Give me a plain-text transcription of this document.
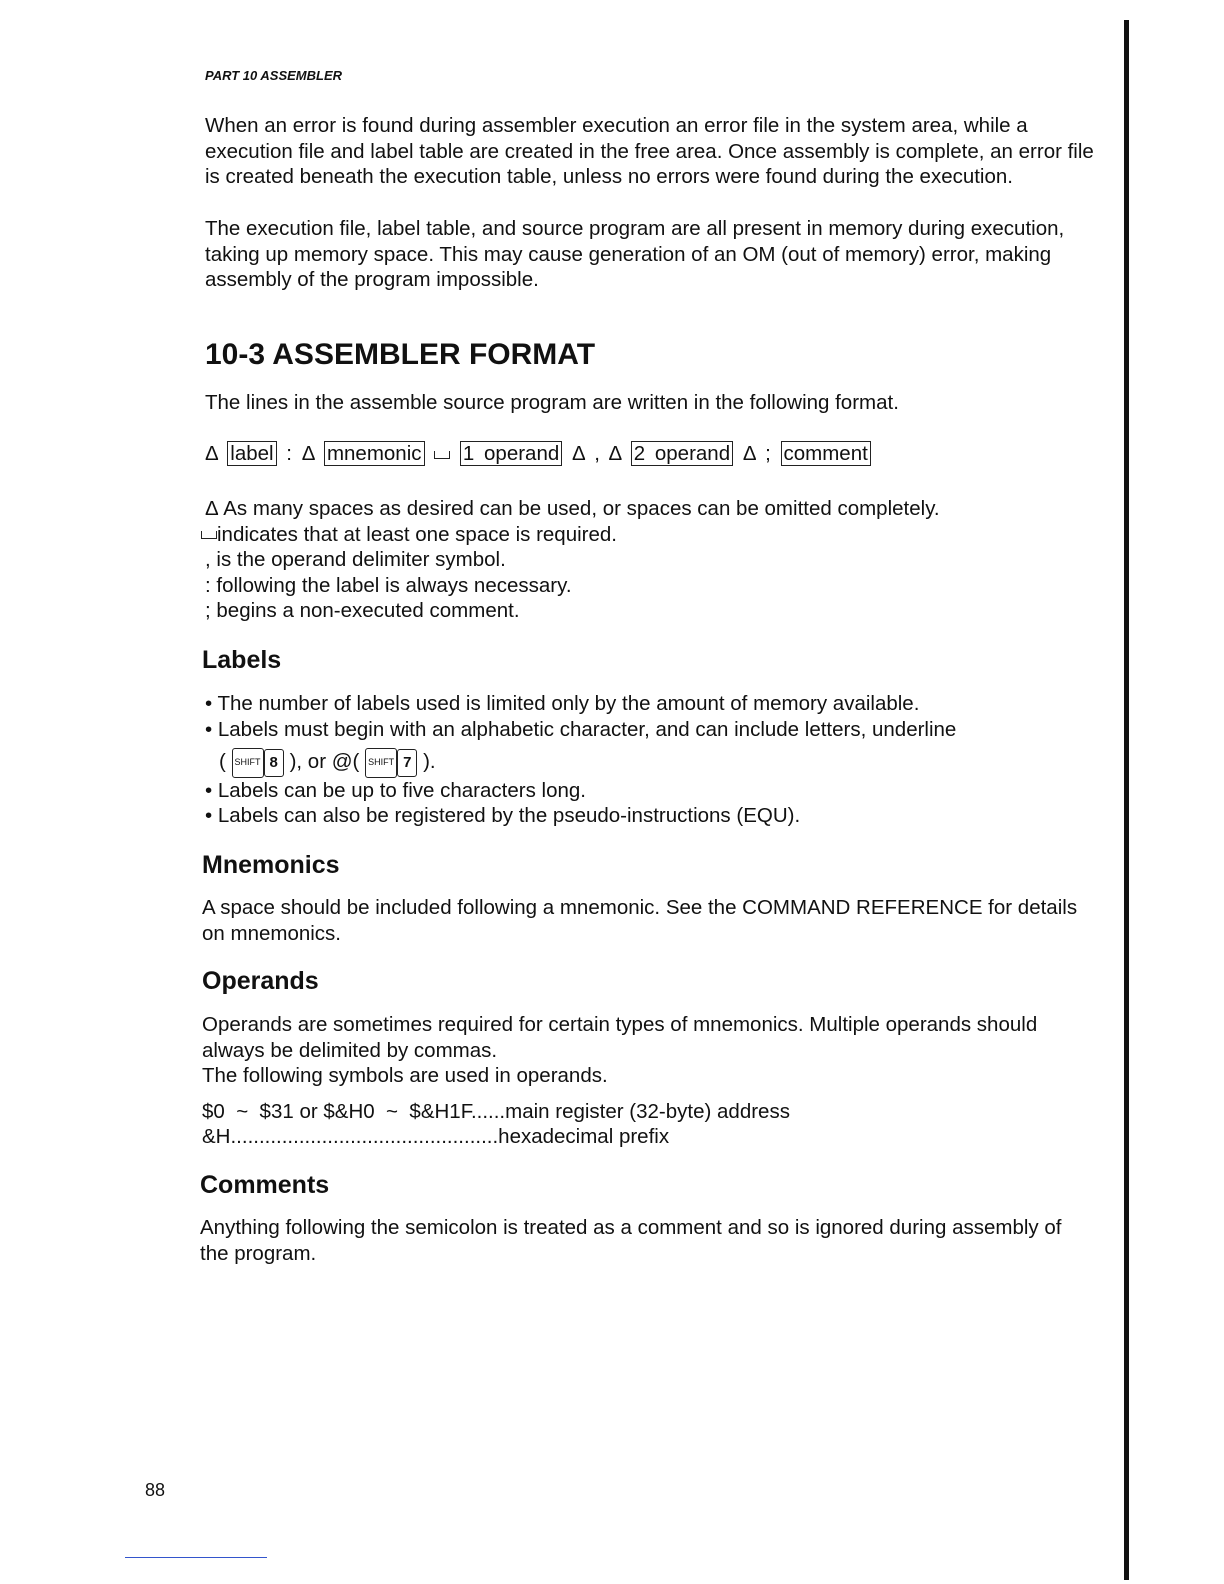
PART 10 ASSEMBLER
When an error is found during assembler execution an error file in the system area, while a execution file and label table are created in the free area. Once assembly is complete, an error file is created beneath the execution table, unless no errors were found during the execution.
The execution file, label table, and source program are all present in memory during execution, taking up memory space. This may cause generation of an OM (out of memory) error, making assembly of the program impossible.
10-3 ASSEMBLER FORMAT
The lines in the assemble source program are written in the following format.
Δ label : Δ mnemonic 1 operand Δ , Δ 2 operand Δ ; comment
Δ As many spaces as desired can be used, or spaces can be omitted completely.
indicates that at least one space is required.
, is the operand delimiter symbol.
: following the label is always necessary.
; begins a non-executed comment.
Labels
• The number of labels used is limited only by the amount of memory available.
• Labels must begin with an alphabetic character, and can include letters, underline
( SHIFT 8 ), or @( SHIFT 7 ).
• Labels can be up to five characters long.
• Labels can also be registered by the pseudo-instructions (EQU).
Mnemonics
A space should be included following a mnemonic. See the COMMAND REFERENCE for details on mnemonics.
Operands
Operands are sometimes required for certain types of mnemonics. Multiple operands should always be delimited by commas.
The following symbols are used in operands.
$0  ~  $31 or $&H0  ~  $&H1F......main register (32-byte) address
&H...............................................hexadecimal prefix
Comments
Anything following the semicolon is treated as a comment and so is ignored during assembly of the program.
88
